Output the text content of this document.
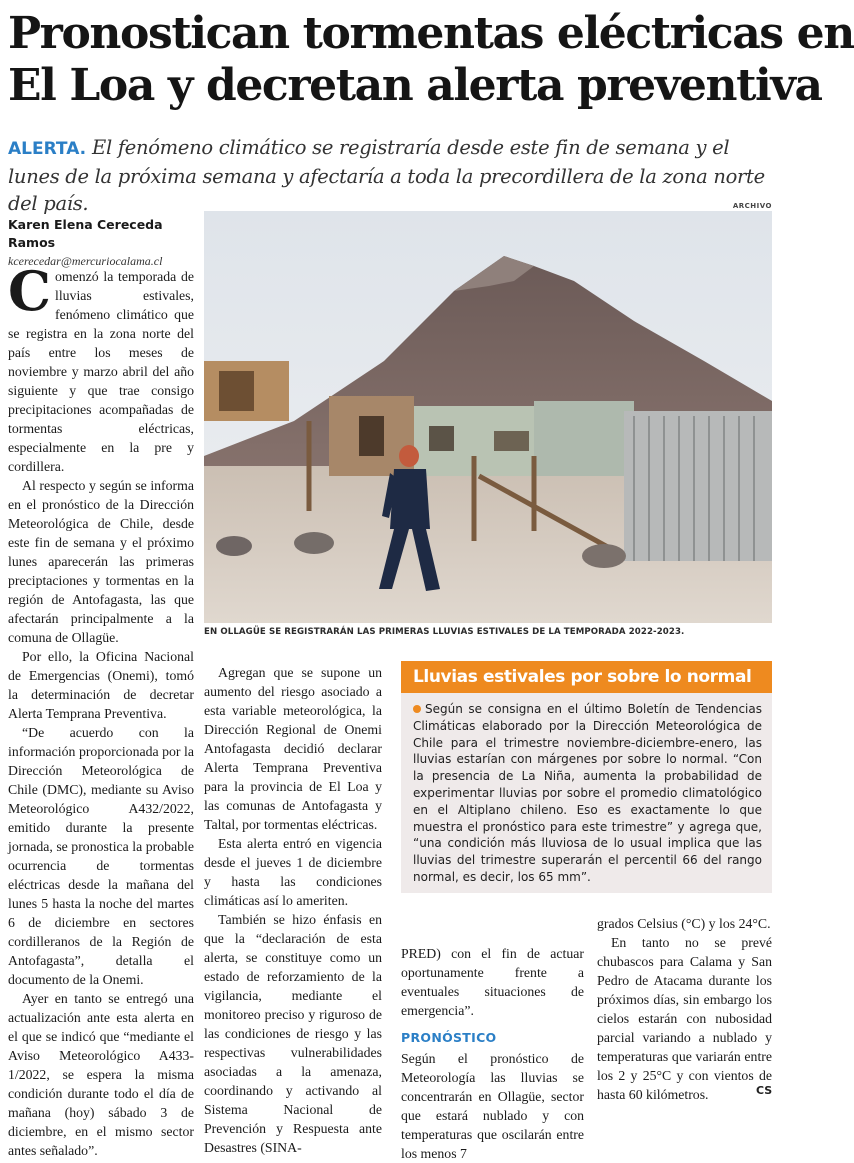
Pronostican tormentas eléctricas en
El Loa y decretan alerta preventiva

ALERTA. El fenómeno climático se registraría desde este fin de semana y el lunes de la próxima semana y afectaría a toda la precordillera de la zona norte del país.

Karen Elena Cereceda Ramos
kcerecedar@mercuriocalama.cl
ARCHIVO
EN OLLAGÜE SE REGISTRARÁN LAS PRIMERAS LLUVIAS ESTIVALES DE LA TEMPORADA 2022-2023.

Comenzó la temporada de lluvias estivales, fenómeno climático que se registra en la zona norte del país entre los meses de noviembre y marzo abril del año siguiente y que trae consigo precipitaciones acompañadas de tormentas eléctricas, especialmente en la pre y cordillera.

Al respecto y según se informa en el pronóstico de la Dirección Meteorológica de Chile, desde este fin de semana y el próximo lunes aparecerán las primeras preciptaciones y tormentas en la región de Antofagasta, las que afectarán principalmente a la comuna de Ollagüe.

Por ello, la Oficina Nacional de Emergencias (Onemi), tomó la determinación de decretar Alerta Temprana Preventiva.

“De acuerdo con la información proporcionada por la Dirección Meteorológica de Chile (DMC), mediante su Aviso Meteorológico A432/2022, emitido durante la presente jornada, se pronostica la probable ocurrencia de tormentas eléctricas desde la mañana del lunes 5 hasta la noche del martes 6 de diciembre en sectores cordilleranos de la Región de Antofagasta”, detalla el documento de la Onemi.

Ayer en tanto se entregó una actualización ante esta alerta en el que se indicó que “mediante el Aviso Meteorológico A433-1/2022, se espera la misma condición durante todo el día de mañana (hoy) sábado 3 de diciembre, en el mismo sector antes señalado”.

Agregan que se supone un aumento del riesgo asociado a esta variable meteorológica, la Dirección Regional de Onemi Antofagasta decidió declarar Alerta Temprana Preventiva para la provincia de El Loa y las comunas de Antofagasta y Taltal, por tormentas eléctricas.

Esta alerta entró en vigencia desde el jueves 1 de diciembre y hasta las condiciones climáticas así lo ameriten.

También se hizo énfasis en que la “declaración de esta alerta, se constituye como un estado de reforzamiento de la vigilancia, mediante el monitoreo preciso y riguroso de las condiciones de riesgo y las respectivas vulnerabilidades asociadas a la amenaza, coordinando y activando al Sistema Nacional de Prevención y Respuesta ante Desastres (SINA-

Lluvias estivales por sobre lo normal
Según se consigna en el último Boletín de Tendencias Climáticas elaborado por la Dirección Meteorológica de Chile para el trimestre noviembre-diciembre-enero, las lluvias estarían con márgenes por sobre lo normal. “Con la presencia de La Niña, aumenta la probabilidad de experimentar lluvias por sobre el promedio climatológico en el Altiplano chileno. Eso es exactamente lo que muestra el pronóstico para este trimestre” y agrega que, “una condición más lluviosa de lo usual implica que las lluvias del trimestre superarán el percentil 66 del rango normal, es decir, los 65 mm”.

PRED) con el fin de actuar oportunamente frente a eventuales situaciones de emergencia”.

PRONÓSTICO

Según el pronóstico de Meteorología las lluvias se concentrarán en Ollagüe, sector que estará nublado y con temperaturas que oscilarán entre los menos 7

grados Celsius (°C) y los 24°C.

En tanto no se prevé chubascos para Calama y San Pedro de Atacama durante los próximos días, sin embargo los cielos estarán con nubosidad parcial variando a nublado y temperaturas que variarán entre los 2 y 25°C y con vientos de hasta 60 kilómetros.	CS
